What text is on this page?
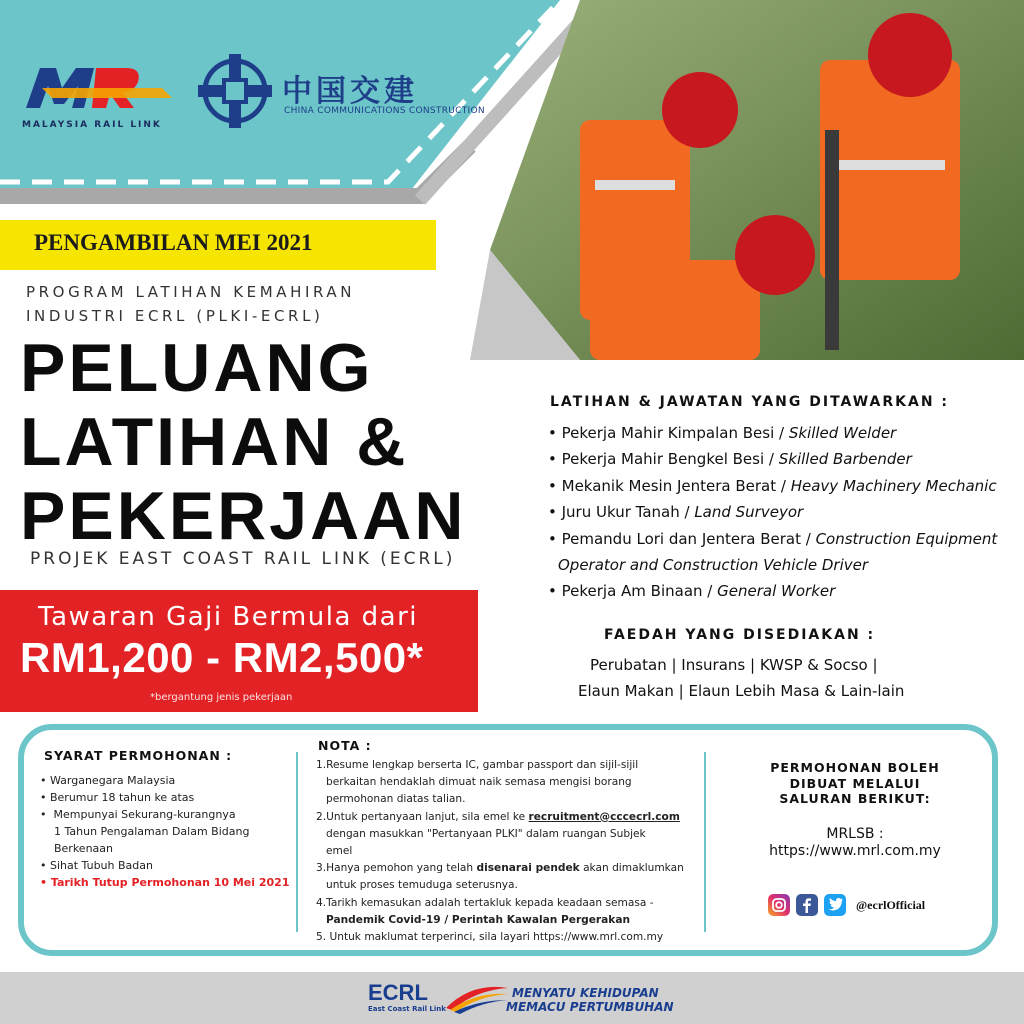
MALAYSIA RAIL LINK
中国交建
CHINA COMMUNICATIONS CONSTRUCTION
PENGAMBILAN MEI 2021
PROGRAM LATIHAN KEMAHIRAN
INDUSTRI ECRL (PLKI-ECRL)
PELUANG
LATIHAN &
PEKERJAAN
PROJEK EAST COAST RAIL LINK (ECRL)
Tawaran Gaji Bermula dari
RM1,200 - RM2,500*
*bergantung jenis pekerjaan
LATIHAN & JAWATAN YANG DITAWARKAN :
• Pekerja Mahir Kimpalan Besi / Skilled Welder
• Pekerja Mahir Bengkel Besi / Skilled Barbender
• Mekanik Mesin Jentera Berat / Heavy Machinery Mechanic
• Juru Ukur Tanah / Land Surveyor
• Pemandu Lori dan Jentera Berat / Construction Equipment
Operator and Construction Vehicle Driver
• Pekerja Am Binaan / General Worker
FAEDAH YANG DISEDIAKAN :
Perubatan | Insurans | KWSP & Socso |
Elaun Makan | Elaun Lebih Masa & Lain-lain
SYARAT PERMOHONAN :
• Warganegara Malaysia
• Berumur 18 tahun ke atas
•  Mempunyai Sekurang-kurangnya
1 Tahun Pengalaman Dalam Bidang
Berkenaan
• Sihat Tubuh Badan
• Tarikh Tutup Permohonan 10 Mei 2021
NOTA :
1.Resume lengkap berserta IC, gambar passport dan sijil-sijil
berkaitan hendaklah dimuat naik semasa mengisi borang
permohonan diatas talian.
2.Untuk pertanyaan lanjut, sila emel ke recruitment@cccecrl.com
dengan masukkan "Pertanyaan PLKI" dalam ruangan Subjek
emel
3.Hanya pemohon yang telah disenarai pendek akan dimaklumkan
untuk proses temuduga seterusnya.
4.Tarikh kemasukan adalah tertakluk kepada keadaan semasa -
Pandemik Covid-19 / Perintah Kawalan Pergerakan
5. Untuk maklumat terperinci, sila layari https://www.mrl.com.my
PERMOHONAN BOLEH
DIBUAT MELALUI
SALURAN BERIKUT:
MRLSB :
https://www.mrl.com.my
@ecrlOfficial
ECRL
East Coast Rail Link
MENYATU KEHIDUPAN
MEMACU PERTUMBUHAN
